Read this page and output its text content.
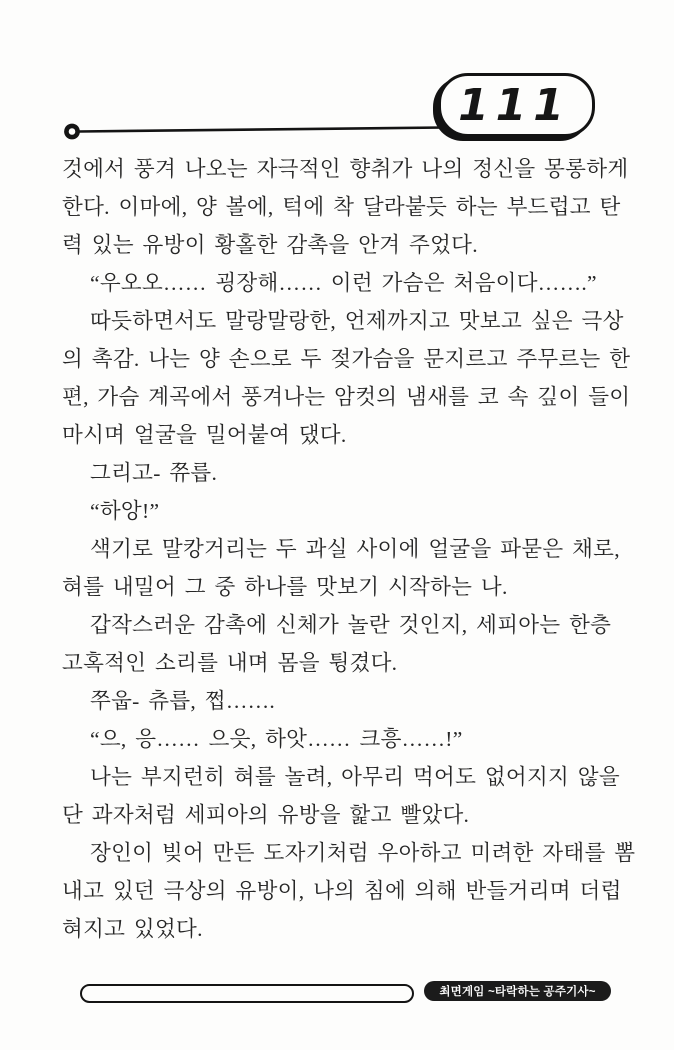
111

것에서 풍겨 나오는 자극적인 향취가 나의 정신을 몽롱하게

한다. 이마에, 양 볼에, 턱에 착 달라붙듯 하는 부드럽고 탄

력 있는 유방이 황홀한 감촉을 안겨 주었다.

“우오오…… 굉장해…… 이런 가슴은 처음이다…….”

따듯하면서도 말랑말랑한, 언제까지고 맛보고 싶은 극상

의 촉감. 나는 양 손으로 두 젖가슴을 문지르고 주무르는 한

편, 가슴 계곡에서 풍겨나는 암컷의 냄새를 코 속 깊이 들이

마시며 얼굴을 밀어붙여 댔다.

그리고- 쮸릅.

“하앙!”

색기로 말캉거리는 두 과실 사이에 얼굴을 파묻은 채로,

혀를 내밀어 그 중 하나를 맛보기 시작하는 나.

갑작스러운 감촉에 신체가 놀란 것인지, 세피아는 한층

고혹적인 소리를 내며 몸을 튕겼다.

쭈웁- 츄릅, 쩝…….

“으, 응…… 으읏, 하앗…… 크흥……!”

나는 부지런히 혀를 놀려, 아무리 먹어도 없어지지 않을

단 과자처럼 세피아의 유방을 핥고 빨았다.

장인이 빚어 만든 도자기처럼 우아하고 미려한 자태를 뽐

내고 있던 극상의 유방이, 나의 침에 의해 반들거리며 더럽

혀지고 있었다.

최면게임 ~타락하는 공주기사~
